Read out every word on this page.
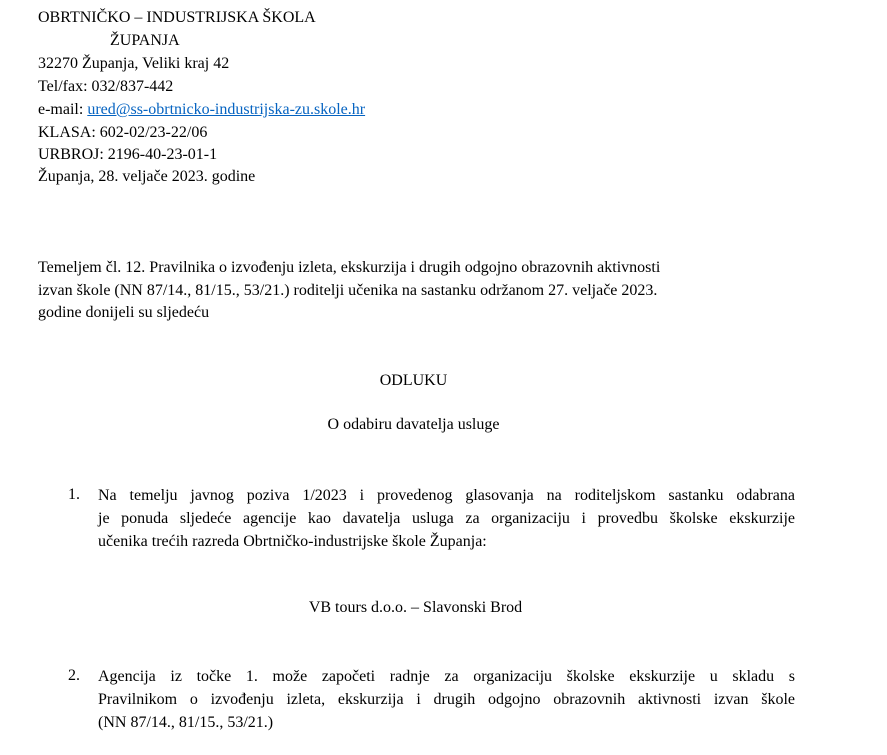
OBRTNIČKO – INDUSTRIJSKA ŠKOLA
ŽUPANJA
32270 Županja, Veliki kraj 42
Tel/fax: 032/837-442
e-mail: ured@ss-obrtnicko-industrijska-zu.skole.hr
KLASA: 602-02/23-22/06
URBROJ: 2196-40-23-01-1
Županja, 28. veljače 2023. godine
Temeljem čl. 12. Pravilnika o izvođenju izleta, ekskurzija i drugih odgojno obrazovnih aktivnosti
izvan škole (NN 87/14., 81/15., 53/21.) roditelji učenika na sastanku održanom 27. veljače 2023.
godine donijeli su sljedeću
ODLUKU
O odabiru davatelja usluge
1. Na temelju javnog poziva 1/2023 i provedenog glasovanja na roditeljskom sastanku odabrana
je ponuda sljedeće agencije kao davatelja usluga za organizaciju i provedbu školske ekskurzije
učenika trećih razreda Obrtničko-industrijske škole Županja:
VB tours d.o.o. – Slavonski Brod
2. Agencija iz točke 1. može započeti radnje za organizaciju školske ekskurzije u skladu s
Pravilnikom o izvođenju izleta, ekskurzija i drugih odgojno obrazovnih aktivnosti izvan škole
(NN 87/14., 81/15., 53/21.)
